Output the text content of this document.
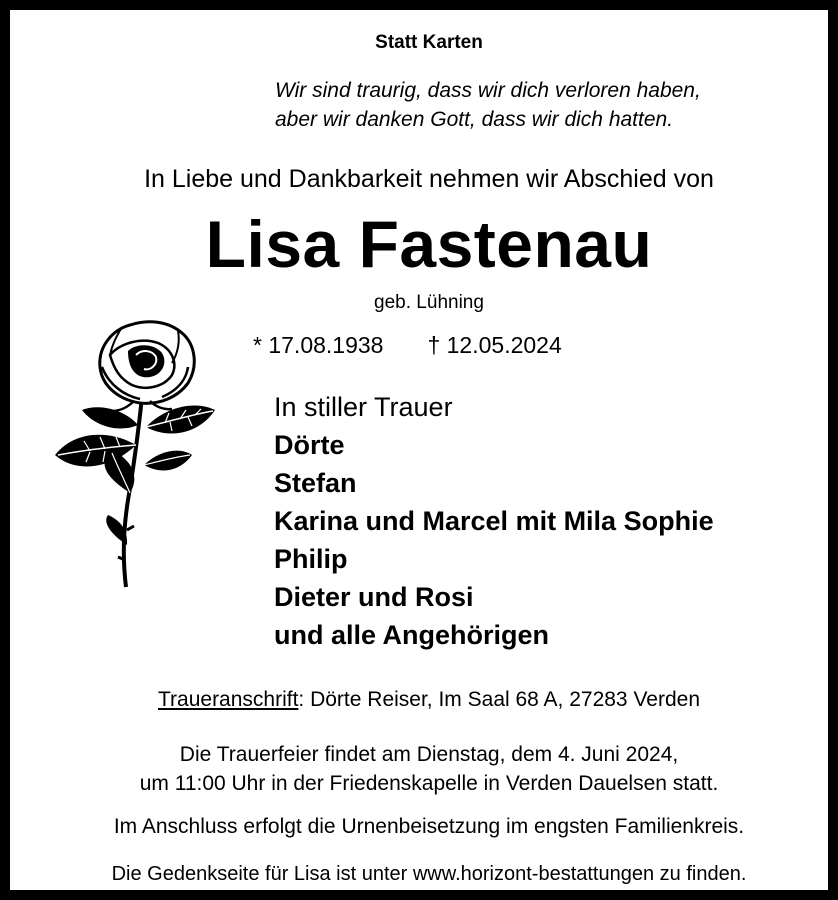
Statt Karten
Wir sind traurig, dass wir dich verloren haben,
aber wir danken Gott, dass wir dich hatten.
In Liebe und Dankbarkeit nehmen wir Abschied von
Lisa Fastenau
geb. Lühning
* 17.08.1938 † 12.05.2024
In stiller Trauer
Dörte
Stefan
Karina und Marcel mit Mila Sophie
Philip
Dieter und Rosi
und alle Angehörigen
Traueranschrift: Dörte Reiser, Im Saal 68 A, 27283 Verden
Die Trauerfeier findet am Dienstag, dem 4. Juni 2024,
um 11:00 Uhr in der Friedenskapelle in Verden Dauelsen statt.
Im Anschluss erfolgt die Urnenbeisetzung im engsten Familienkreis.
Die Gedenkseite für Lisa ist unter www.horizont-bestattungen zu finden.
